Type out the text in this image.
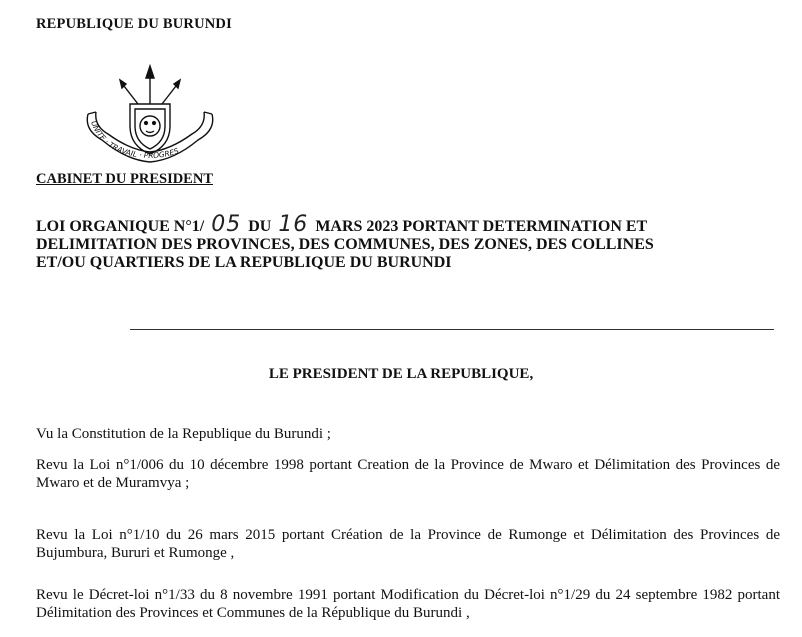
REPUBLIQUE DU BURUNDI
UNITE · TRAVAIL · PROGRES
CABINET DU PRESIDENT
LOI ORGANIQUE N°1/ 05 DU 16 MARS 2023 PORTANT DETERMINATION ET
DELIMITATION DES PROVINCES, DES COMMUNES, DES ZONES, DES COLLINES
ET/OU QUARTIERS DE LA REPUBLIQUE DU BURUNDI
LE PRESIDENT DE LA REPUBLIQUE,
Vu la Constitution de la Republique du Burundi ;
Revu la Loi n°1/006 du 10 décembre 1998 portant Creation de la Province de Mwaro et Délimitation des Provinces de Mwaro et de Muramvya ;
Revu la Loi n°1/10 du 26 mars 2015 portant Création de la Province de Rumonge et Délimitation des Provinces de Bujumbura, Bururi et Rumonge ,
Revu le Décret-loi n°1/33 du 8 novembre 1991 portant Modification du Décret-loi n°1/29 du 24 septembre 1982 portant Délimitation des Provinces et Communes de la République du Burundi ,
